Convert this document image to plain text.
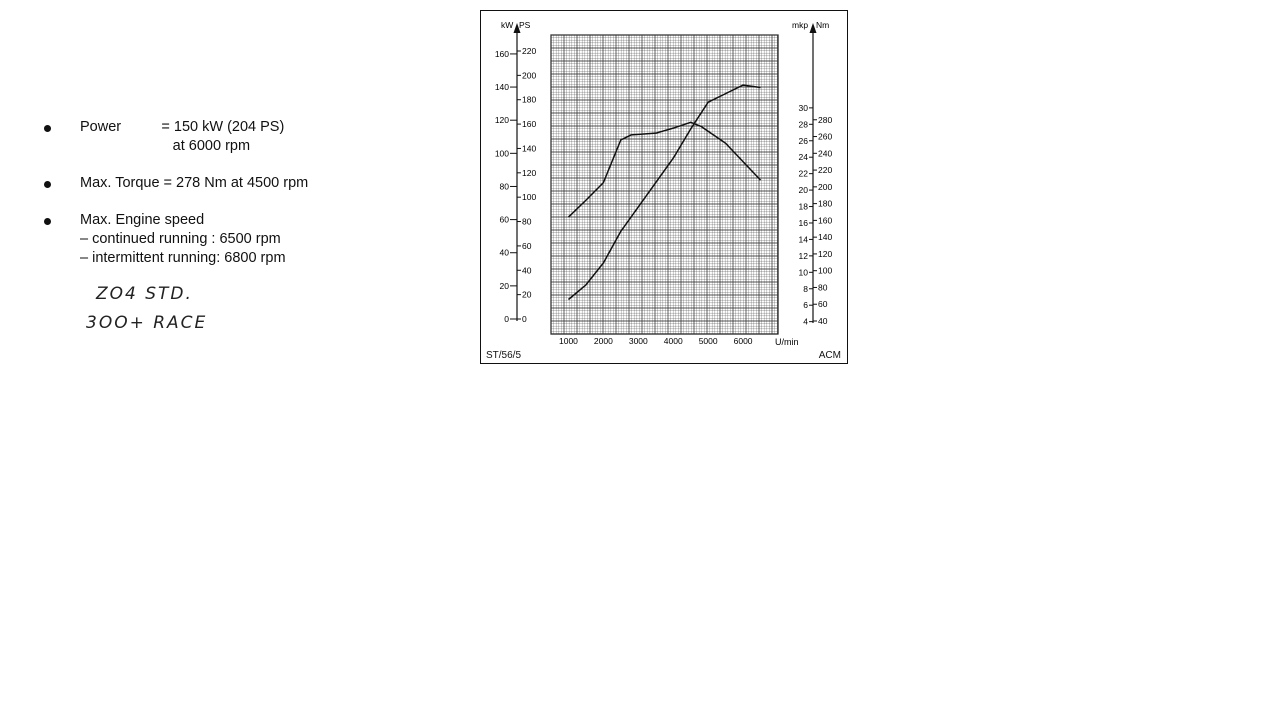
Power          = 150 kW (204 PS)
at 6000 rpm
Max. Torque = 278 Nm at 4500 rpm
Max. Engine speed
– continued running : 6500 rpm
– intermittent running: 6800 rpm
ZO4 STD.
3OO+ RACE
kW PS
0
20
40
60
80
100
120
140
160
0
20
40
60
80
100
120
140
160
180
200
220
mkp Nm
4
6
8
10
12
14
16
18
20
22
24
26
28
30
40
60
80
100
120
140
160
180
200
220
240
260
280
1000 2000 3000 4000 5000 6000 U/min
ST/56/5	ACM
